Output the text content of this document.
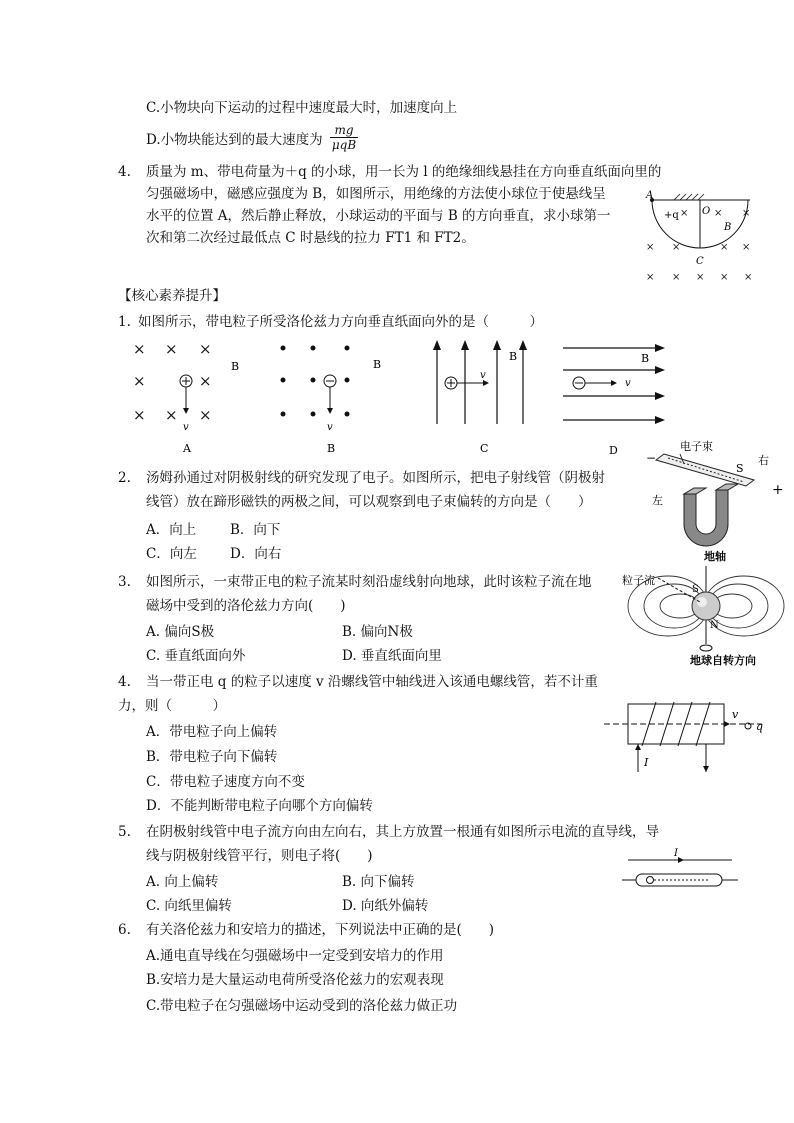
C.小物块向下运动的过程中速度最大时，加速度向上
D.小物块能达到的最大速度为
mg
μqB
4. 质量为 m、带电荷量为＋q 的小球，用一长为 l 的绝缘细线悬挂在方向垂直纸面向里的
匀强磁场中，磁感应强度为 B，如图所示，用绝缘的方法使小球位于使悬线呈
水平的位置 A，然后静止释放，小球运动的平面与 B 的方向垂直，求小球第一
次和第二次经过最低点 C 时悬线的拉力 FT1 和 FT2。
A
+q O
B
C
×	× ×
× ×	× ×
× × × × ×
【核心素养提升】
1. 如图所示，带电粒子所受洛伦兹力方向垂直纸面向外的是（　　　）
× × ×
×	×
× × ×
v
B
A
v
B
B
v
B
C
B
v
D
2. 汤姆孙通过对阴极射线的研究发现了电子。如图所示，把电子射线管（阴极射
线管）放在蹄形磁铁的两极之间，可以观察到电子束偏转的方向是（　　）
A．向上	B．向下
C．向左 D．向右
电子束
右
左
S
+
−
N
3. 如图所示，一束带正电的粒子流某时刻沿虚线射向地球，此时该粒子流在地
磁场中受到的洛伦兹力方向(　　)
A. 偏向S极	B. 偏向N极
C. 垂直纸面向外	D. 垂直纸面向里
地轴
粒子流
S
N
地球自转方向
4. 当一带正电 q 的粒子以速度 v 沿螺线管中轴线进入该通电螺线管，若不计重
力，则（　　　）
A．带电粒子向上偏转
B．带电粒子向下偏转
C．带电粒子速度方向不变
D．不能判断带电粒子向哪个方向偏转
I
v
q
5. 在阴极射线管中电子流方向由左向右，其上方放置一根通有如图所示电流的直导线，导
线与阴极射线管平行，则电子将(　　)
A. 向上偏转	B. 向下偏转
C. 向纸里偏转	D. 向纸外偏转
I
6. 有关洛伦兹力和安培力的描述，下列说法中正确的是(　　)
A.通电直导线在匀强磁场中一定受到安培力的作用
B.安培力是大量运动电荷所受洛伦兹力的宏观表现
C.带电粒子在匀强磁场中运动受到的洛伦兹力做正功
